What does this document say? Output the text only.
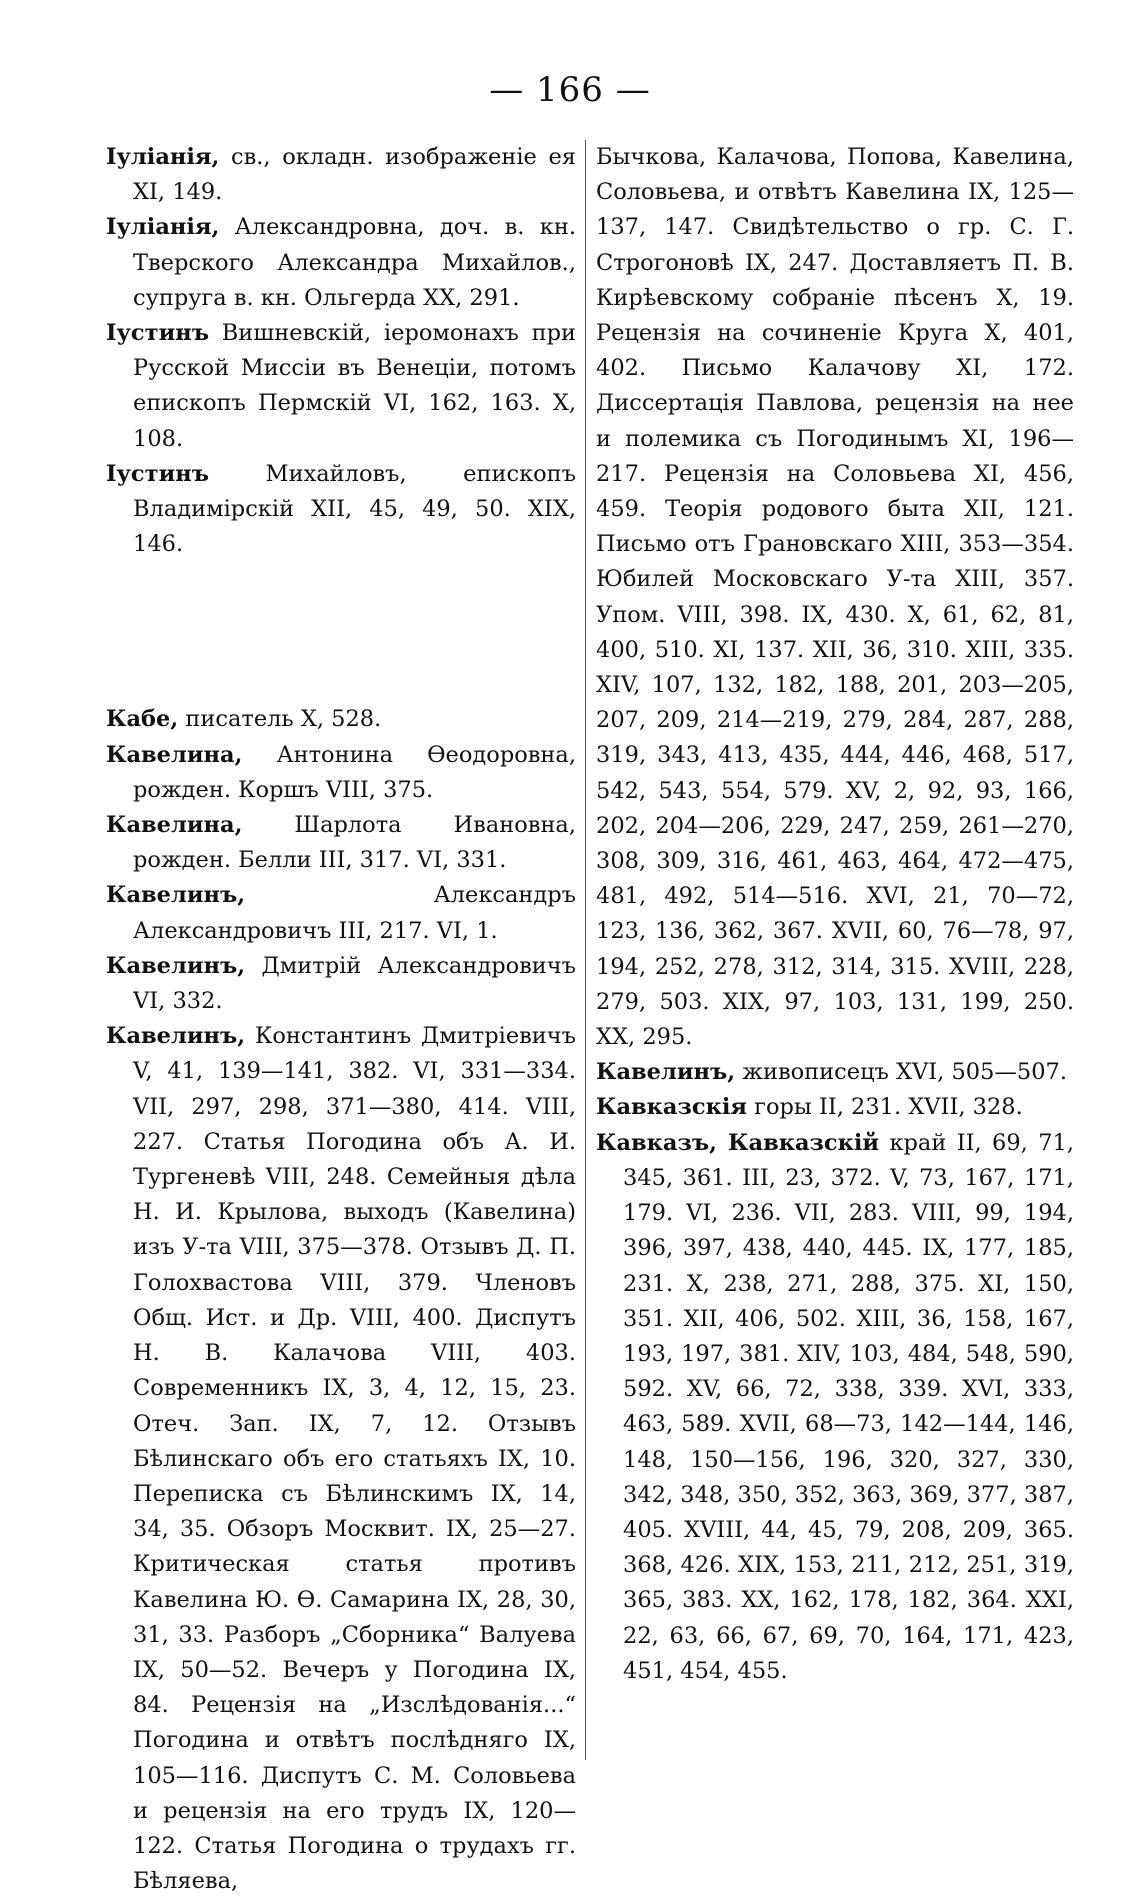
— 166 —

Іуліанія, св., окладн. изображеніе ея XI, 149.

Іуліанія, Александровна, доч. в. кн. Тверского Александра Михайлов., супруга в. кн. Ольгерда XX, 291.

Іустинъ Вишневскій, іеромонахъ при Русской Миссіи въ Венеціи, потомъ епископъ Пермскій VI, 162, 163. X, 108.

Іустинъ	Михайловъ, епископъ Владимірскій XII, 45, 49, 50. XIX, 146.

Кабе, писатель X, 528.

Кавелина, Антонина Өеодоровна, рожден. Коршъ VIII, 375.

Кавелина, Шарлота Ивановна, рожден. Белли III, 317. VI, 331.

Кавелинъ,	Александръ Александровичъ III, 217. VI, 1.

Кавелинъ, Дмитрій Александровичъ VI, 332.

Кавелинъ, Константинъ Дмитріевичъ V, 41, 139—141, 382. VI, 331—334. VII, 297, 298, 371—380, 414. VIII, 227. Статья Погодина объ А. И. Тургеневѣ VIII, 248. Семейныя дѣла Н. И. Крылова, выходъ (Кавелина) изъ У-та VIII, 375—378. Отзывъ Д. П. Голохвастова VIII, 379. Членовъ Общ. Ист. и Др. VIII, 400. Диспутъ Н. В. Калачова VIII, 403. Современникъ IX, 3, 4, 12, 15, 23. Отеч. Зап. IX, 7, 12. Отзывъ Бѣлинскаго объ его статьяхъ IX, 10. Переписка съ Бѣлинскимъ IX, 14, 34, 35. Обзоръ Москвит. IX, 25—27. Критическая статья противъ Кавелина Ю. Ө. Самарина IX, 28, 30, 31, 33. Разборъ „Сборника“ Валуева IX, 50—52. Вечеръ у Погодина IX, 84. Рецензія на „Изслѣдованія...“ Погодина и отвѣтъ послѣдняго IX, 105—116. Диспутъ С. М. Соловьева и рецензія на его трудъ IX, 120—122. Статья Погодина о трудахъ гг. Бѣляева,

Бычкова, Калачова, Попова, Кавелина, Соловьева, и отвѣтъ Кавелина IX, 125—137, 147. Свидѣтельство о гр. С. Г. Строгоновѣ IX, 247. Доставляетъ П. В. Кирѣевскому собраніе пѣсенъ X, 19. Рецензія на сочиненіе Круга X, 401, 402. Письмо Калачову XI, 172. Диссертація Павлова, рецензія на нее и полемика съ Погодинымъ XI, 196—217. Рецензія на Соловьева XI, 456, 459. Теорія родового быта XII, 121. Письмо отъ Грановскаго XIII, 353—354. Юбилей Московскаго У-та XIII, 357. Упом. VIII, 398. IX, 430. X, 61, 62, 81, 400, 510. XI, 137. XII, 36, 310. XIII, 335. XIV, 107, 132, 182, 188, 201, 203—205, 207, 209, 214—219, 279, 284, 287, 288, 319, 343, 413, 435, 444, 446, 468, 517, 542, 543, 554, 579. XV, 2, 92, 93, 166, 202, 204—206, 229, 247, 259, 261—270, 308, 309, 316, 461, 463, 464, 472—475, 481, 492, 514—516. XVI, 21, 70—72, 123, 136, 362, 367. XVII, 60, 76—78, 97, 194, 252, 278, 312, 314, 315. XVIII, 228, 279, 503. XIX, 97, 103, 131, 199, 250. XX, 295.

Кавелинъ, живописецъ XVI, 505—507.

Кавказскія горы II, 231. XVII, 328.

Кавказъ, Кавказскій край II, 69, 71, 345, 361. III, 23, 372. V, 73, 167, 171, 179. VI, 236. VII, 283. VIII, 99, 194, 396, 397, 438, 440, 445. IX, 177, 185, 231. X, 238, 271, 288, 375. XI, 150, 351. XII, 406, 502. XIII, 36, 158, 167, 193, 197, 381. XIV, 103, 484, 548, 590, 592. XV, 66, 72, 338, 339. XVI, 333, 463, 589. XVII, 68—73, 142—144, 146, 148, 150—156, 196, 320, 327, 330, 342, 348, 350, 352, 363, 369, 377, 387, 405. XVIII, 44, 45, 79, 208, 209, 365. 368, 426. XIX, 153, 211, 212, 251, 319, 365, 383. XX, 162, 178, 182, 364. XXI, 22, 63, 66, 67, 69, 70, 164, 171, 423, 451, 454, 455.
